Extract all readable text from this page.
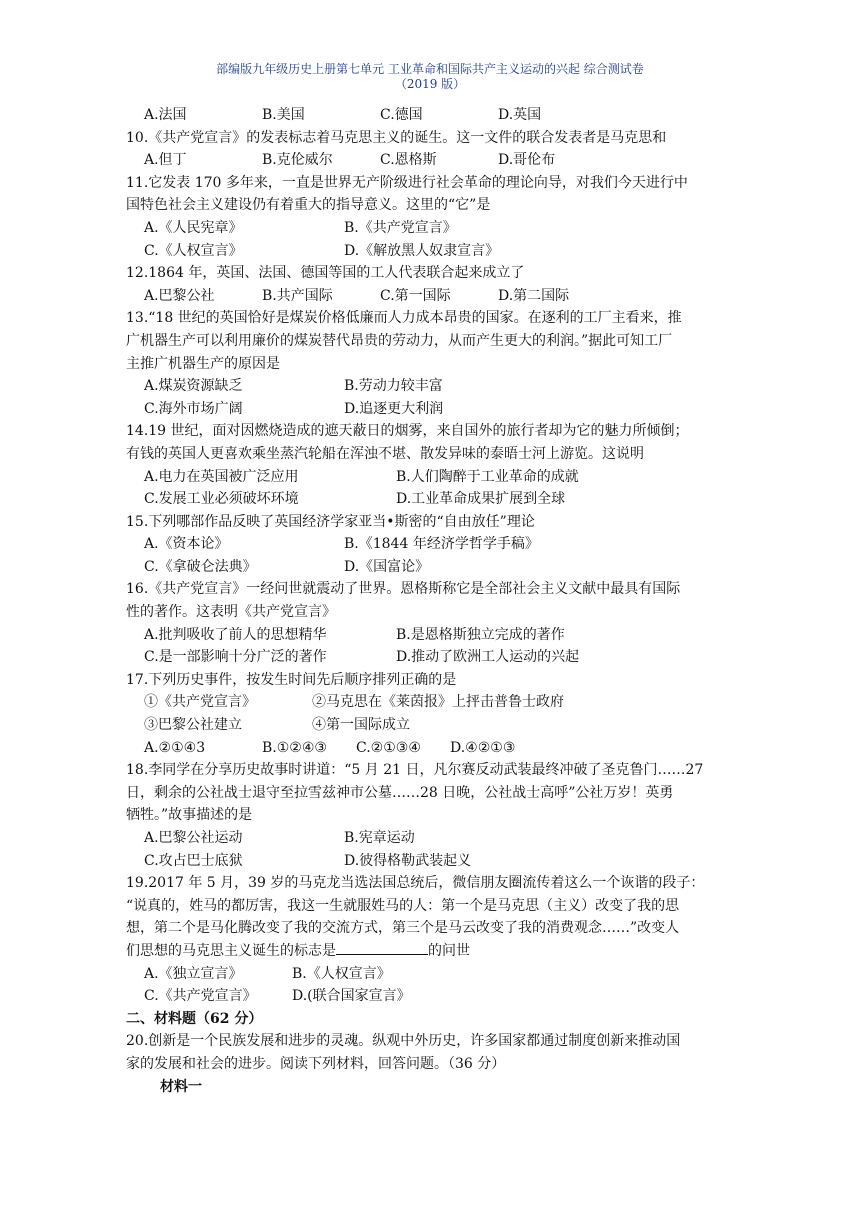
部编版九年级历史上册第七单元 工业革命和国际共产主义运动的兴起 综合测试卷
（2019 版）
A.法国	B.美国	C.德国	D.英国

10.《共产党宣言》的发表标志着马克思主义的诞生。这一文件的联合发表者是马克思和

A.但丁	B.克伦威尔	C.恩格斯	D.哥伦布

11.它发表 170 多年来，一直是世界无产阶级进行社会革命的理论向导，对我们今天进行中

国特色社会主义建设仍有着重大的指导意义。这里的“它”是

A.《人民宪章》	B.《共产党宣言》
C.《人权宣言》	D.《解放黑人奴隶宣言》

12.1864 年，英国、法国、德国等国的工人代表联合起来成立了

A.巴黎公社	B.共产国际	C.第一国际	D.第二国际

13.“18 世纪的英国恰好是煤炭价格低廉而人力成本昂贵的国家。在逐利的工厂主看来，推

广机器生产可以利用廉价的煤炭替代昂贵的劳动力，从而产生更大的利润。”据此可知工厂

主推广机器生产的原因是

A.煤炭资源缺乏	B.劳动力较丰富
C.海外市场广阔	D.追逐更大利润

14.19 世纪，面对因燃烧造成的遮天蔽日的烟雾，来自国外的旅行者却为它的魅力所倾倒；

有钱的英国人更喜欢乘坐蒸汽轮船在浑浊不堪、散发异味的泰晤士河上游览。这说明

A.电力在英国被广泛应用	B.人们陶醉于工业革命的成就
C.发展工业必须破坏环境	D.工业革命成果扩展到全球

15.下列哪部作品反映了英国经济学家亚当•斯密的“自由放任”理论

A.《资本论》	B.《1844 年经济学哲学手稿》
C.《拿破仑法典》	D.《国富论》

16.《共产党宣言》一经问世就震动了世界。恩格斯称它是全部社会主义文献中最具有国际

性的著作。这表明《共产党宣言》

A.批判吸收了前人的思想精华	B.是恩格斯独立完成的著作
C.是一部影响十分广泛的著作	D.推动了欧洲工人运动的兴起

17.下列历史事件，按发生时间先后顺序排列正确的是

①《共产党宣言》	②马克思在《莱茵报》上抨击普鲁士政府
③巴黎公社建立	④第一国际成立
A.②①④3	B.①②④③	C.②①③④	D.④②①③

18.李同学在分享历史故事时讲道：“5 月 21 日，凡尔赛反动武装最终冲破了圣克鲁门……27

日，剩余的公社战士退守至拉雪兹神市公墓……28 日晚，公社战士高呼”公社万岁！英勇

牺牲。”故事描述的是

A.巴黎公社运动	B.宪章运动
C.攻占巴士底狱	D.彼得格勒武装起义

19.2017 年 5 月，39 岁的马克龙当选法国总统后，微信朋友圈流传着这么一个诙谐的段子：

“说真的，姓马的都厉害，我这一生就服姓马的人：第一个是马克思（主义）改变了我的思

想，第二个是马化腾改变了我的交流方式，第三个是马云改变了我的消费观念……”改变人

们思想的马克思主义诞生的标志是	的问世

A.《独立宣言》	B.《人权宣言》
C.《共产党宣言》	D.(联合国家宣言》

二、材料题（62 分）

20.创新是一个民族发展和进步的灵魂。纵观中外历史，许多国家都通过制度创新来推动国

家的发展和社会的进步。阅读下列材料，回答问题。（36 分）

材料一
